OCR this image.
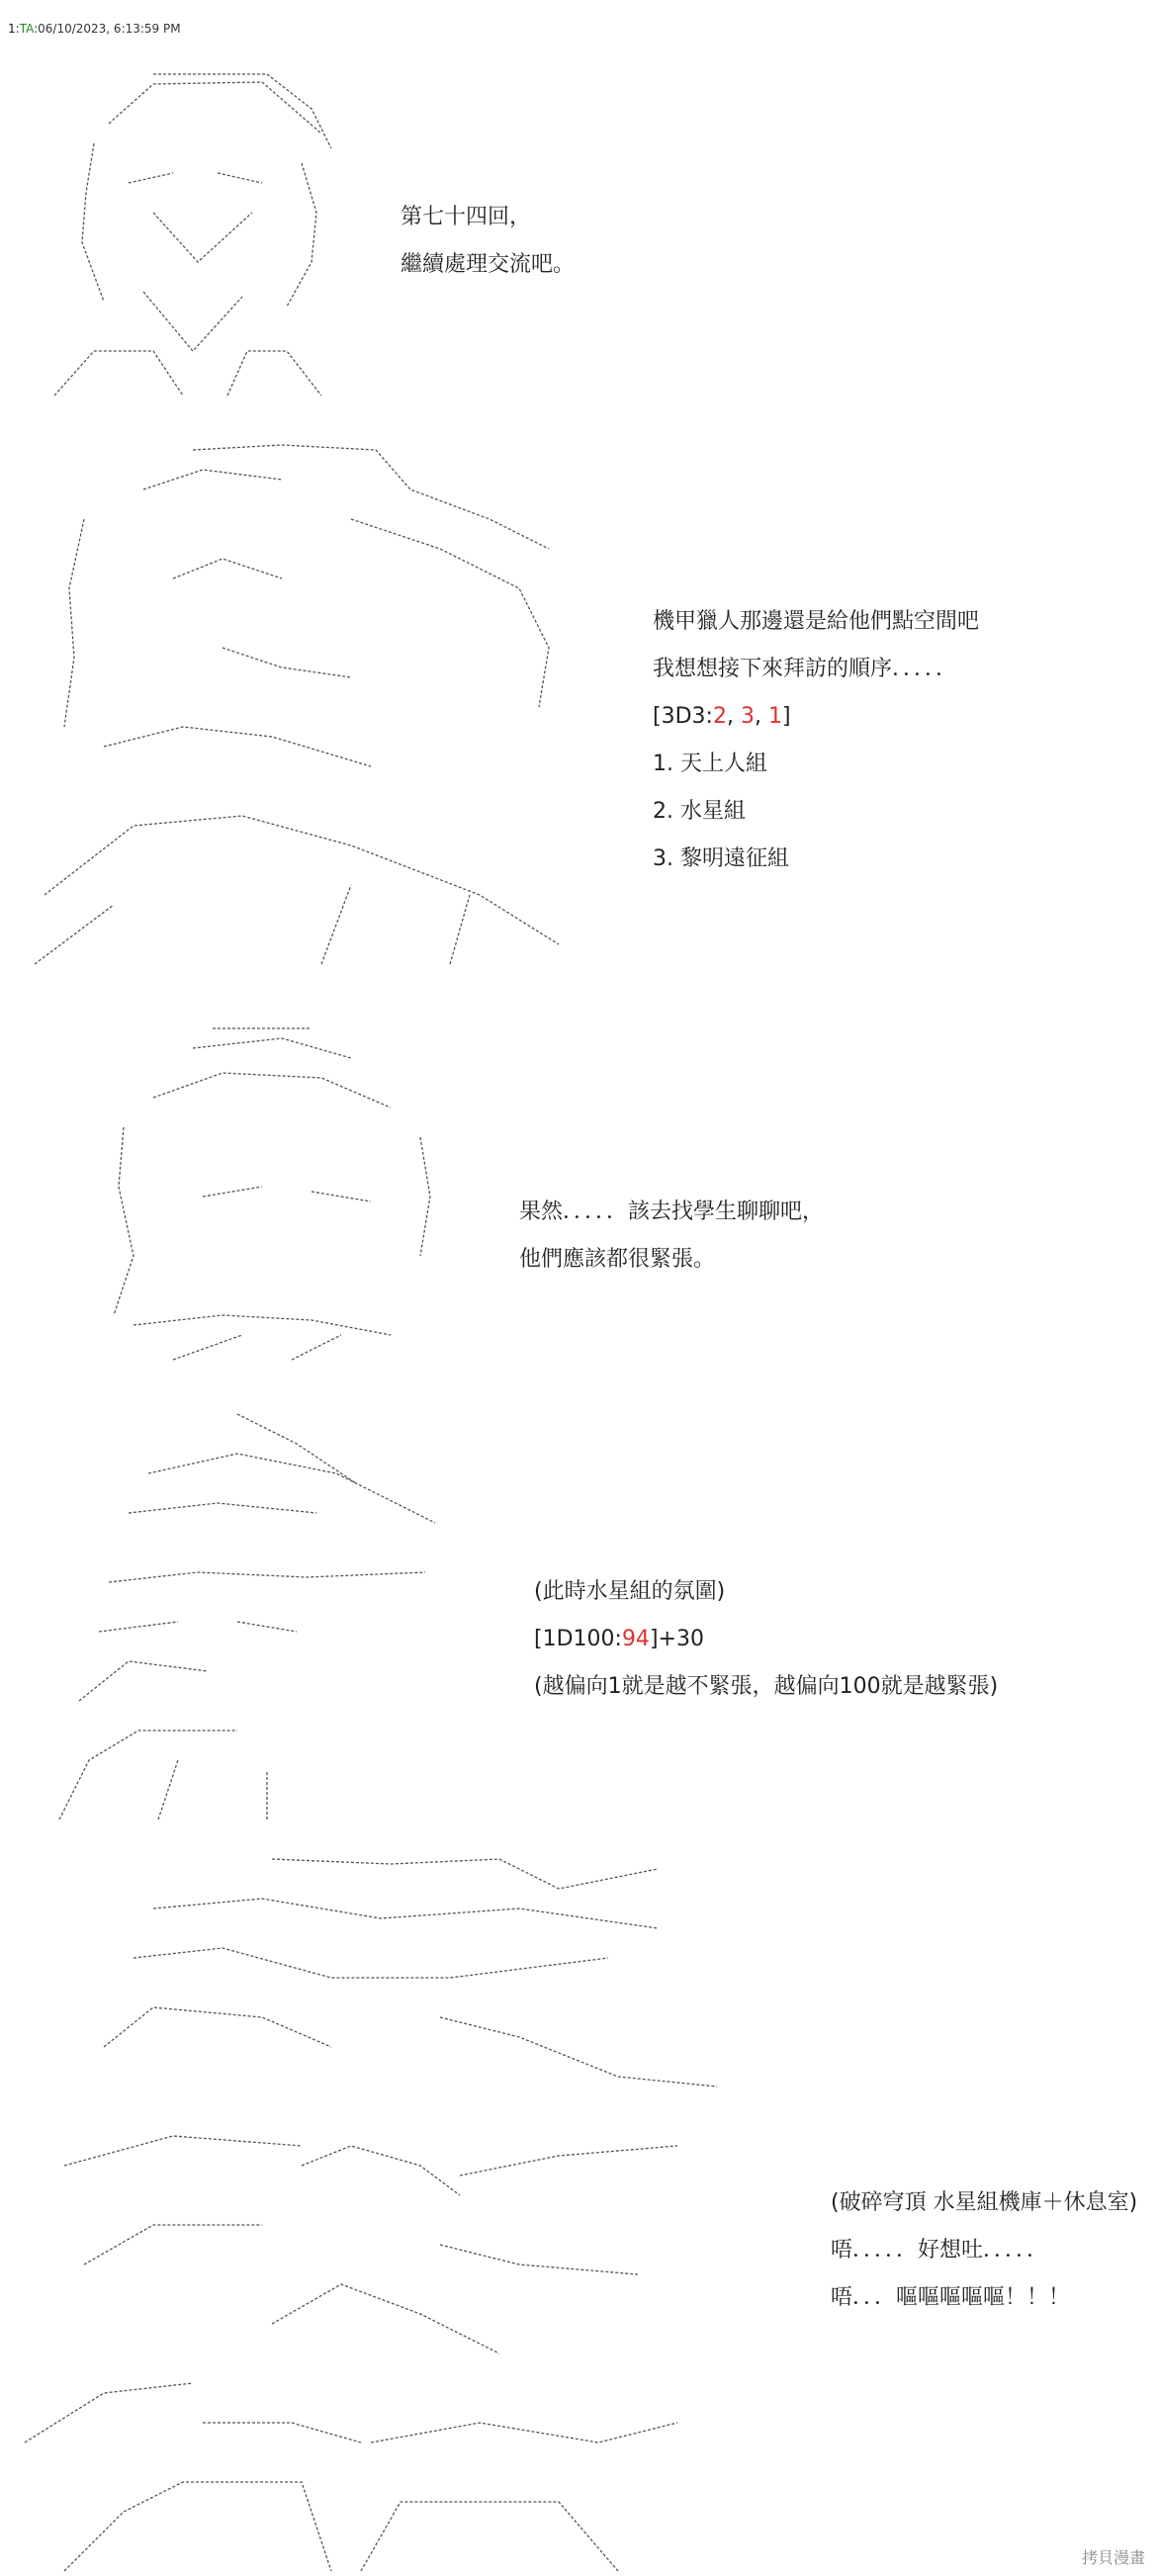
1:TA:06/10/2023, 6:13:59 PM

第七十四回，

繼續處理交流吧。

機甲獵人那邊還是給他們點空間吧

我想想接下來拜訪的順序．．．．．

[3D3:2, 3, 1]

1. 天上人組

2. 水星組

3. 黎明遠征組

果然．．．．．該去找學生聊聊吧，

他們應該都很緊張。

(此時水星組的氛圍)

[1D100:94]+30

(越偏向1就是越不緊張，越偏向100就是越緊張)

(破碎穹頂 水星組機庫＋休息室)

唔．．．．．好想吐．．．．．

唔．．．嘔嘔嘔嘔嘔！！！

拷貝漫畫
